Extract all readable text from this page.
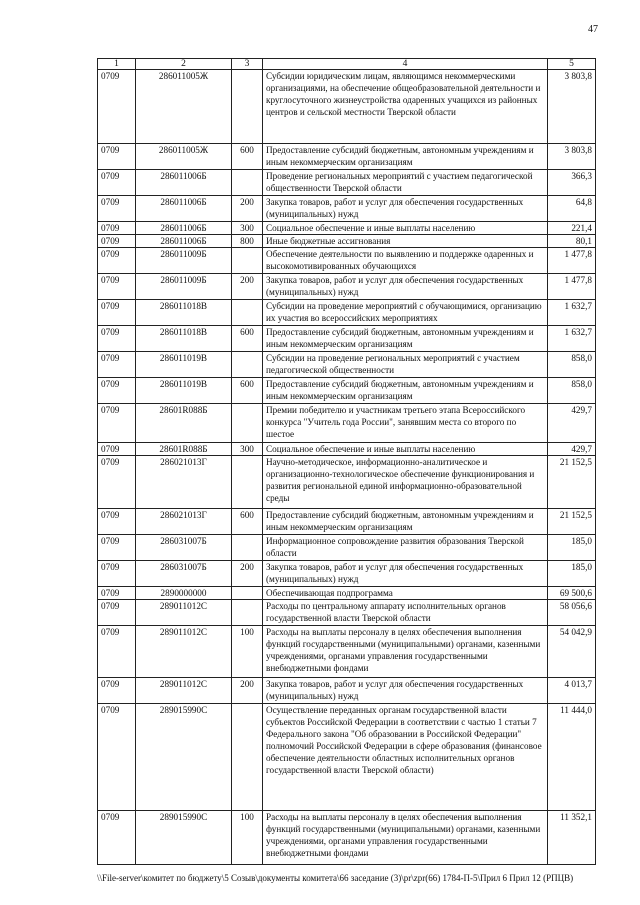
47
1	2	3	4	5
0709	286011005Ж		Субсидии юридическим лицам, являющимся некоммерческими организациями, на обеспечение общеобразовательной деятельности и круглосуточного жизнеустройства одаренных учащихся из районных центров и сельской местности Тверской области	3 803,8
0709	286011005Ж	600	Предоставление субсидий бюджетным, автономным учреждениям и иным некоммерческим организациям	3 803,8
0709	286011006Б		Проведение региональных мероприятий с участием педагогической общественности Тверской области	366,3
0709	286011006Б	200	Закупка товаров, работ и услуг для обеспечения государственных (муниципальных) нужд	64,8
0709	286011006Б	300	Социальное обеспечение и иные выплаты населению	221,4
0709	286011006Б	800	Иные бюджетные ассигнования	80,1
0709	286011009Б		Обеспечение деятельности по выявлению и поддержке одаренных и высокомотивированных обучающихся	1 477,8
0709	286011009Б	200	Закупка товаров, работ и услуг для обеспечения государственных (муниципальных) нужд	1 477,8
0709	286011018В		Субсидии на проведение мероприятий с обучающимися, организацию их участия во всероссийских мероприятиях	1 632,7
0709	286011018В	600	Предоставление субсидий бюджетным, автономным учреждениям и иным некоммерческим организациям	1 632,7
0709	286011019В		Субсидии на проведение региональных мероприятий с участием педагогической общественности	858,0
0709	286011019В	600	Предоставление субсидий бюджетным, автономным учреждениям и иным некоммерческим организациям	858,0
0709	28601R088Б		Премии победителю и участникам третьего этапа Всероссийского конкурса "Учитель года России", занявшим места со второго по шестое	429,7
0709	28601R088Б	300	Социальное обеспечение и иные выплаты населению	429,7
0709	286021013Г		Научно-методическое, информационно-аналитическое и организационно-технологическое обеспечение функционирования и развития региональной единой информационно-образовательной среды	21 152,5
0709	286021013Г	600	Предоставление субсидий бюджетным, автономным учреждениям и иным некоммерческим организациям	21 152,5
0709	286031007Б		Информационное сопровождение развития образования Тверской области	185,0
0709	286031007Б	200	Закупка товаров, работ и услуг для обеспечения государственных (муниципальных) нужд	185,0
0709	2890000000		Обеспечивающая подпрограмма	69 500,6
0709	289011012С		Расходы по центральному аппарату исполнительных органов государственной власти Тверской области	58 056,6
0709	289011012С	100	Расходы на выплаты персоналу в целях обеспечения выполнения функций государственными (муниципальными) органами, казенными учреждениями, органами управления государственными внебюджетными фондами	54 042,9
0709	289011012С	200	Закупка товаров, работ и услуг для обеспечения государственных (муниципальных) нужд	4 013,7
0709	289015990С		Осуществление переданных органам государственной власти субъектов Российской Федерации в соответствии с частью 1 статьи 7 Федерального закона "Об образовании в Российской Федерации" полномочий Российской Федерации в сфере образования (финансовое обеспечение деятельности областных исполнительных органов государственной власти Тверской области)	11 444,0
0709	289015990С	100	Расходы на выплаты персоналу в целях обеспечения выполнения функций государственными (муниципальными) органами, казенными учреждениями, органами управления государственными внебюджетными фондами	11 352,1
\\File-server\комитет по бюджету\5 Созыв\документы комитета\66 заседание (3)\pr\zpr(66) 1784-П-5\Прил 6 Прил 12 (РПЦВ)
